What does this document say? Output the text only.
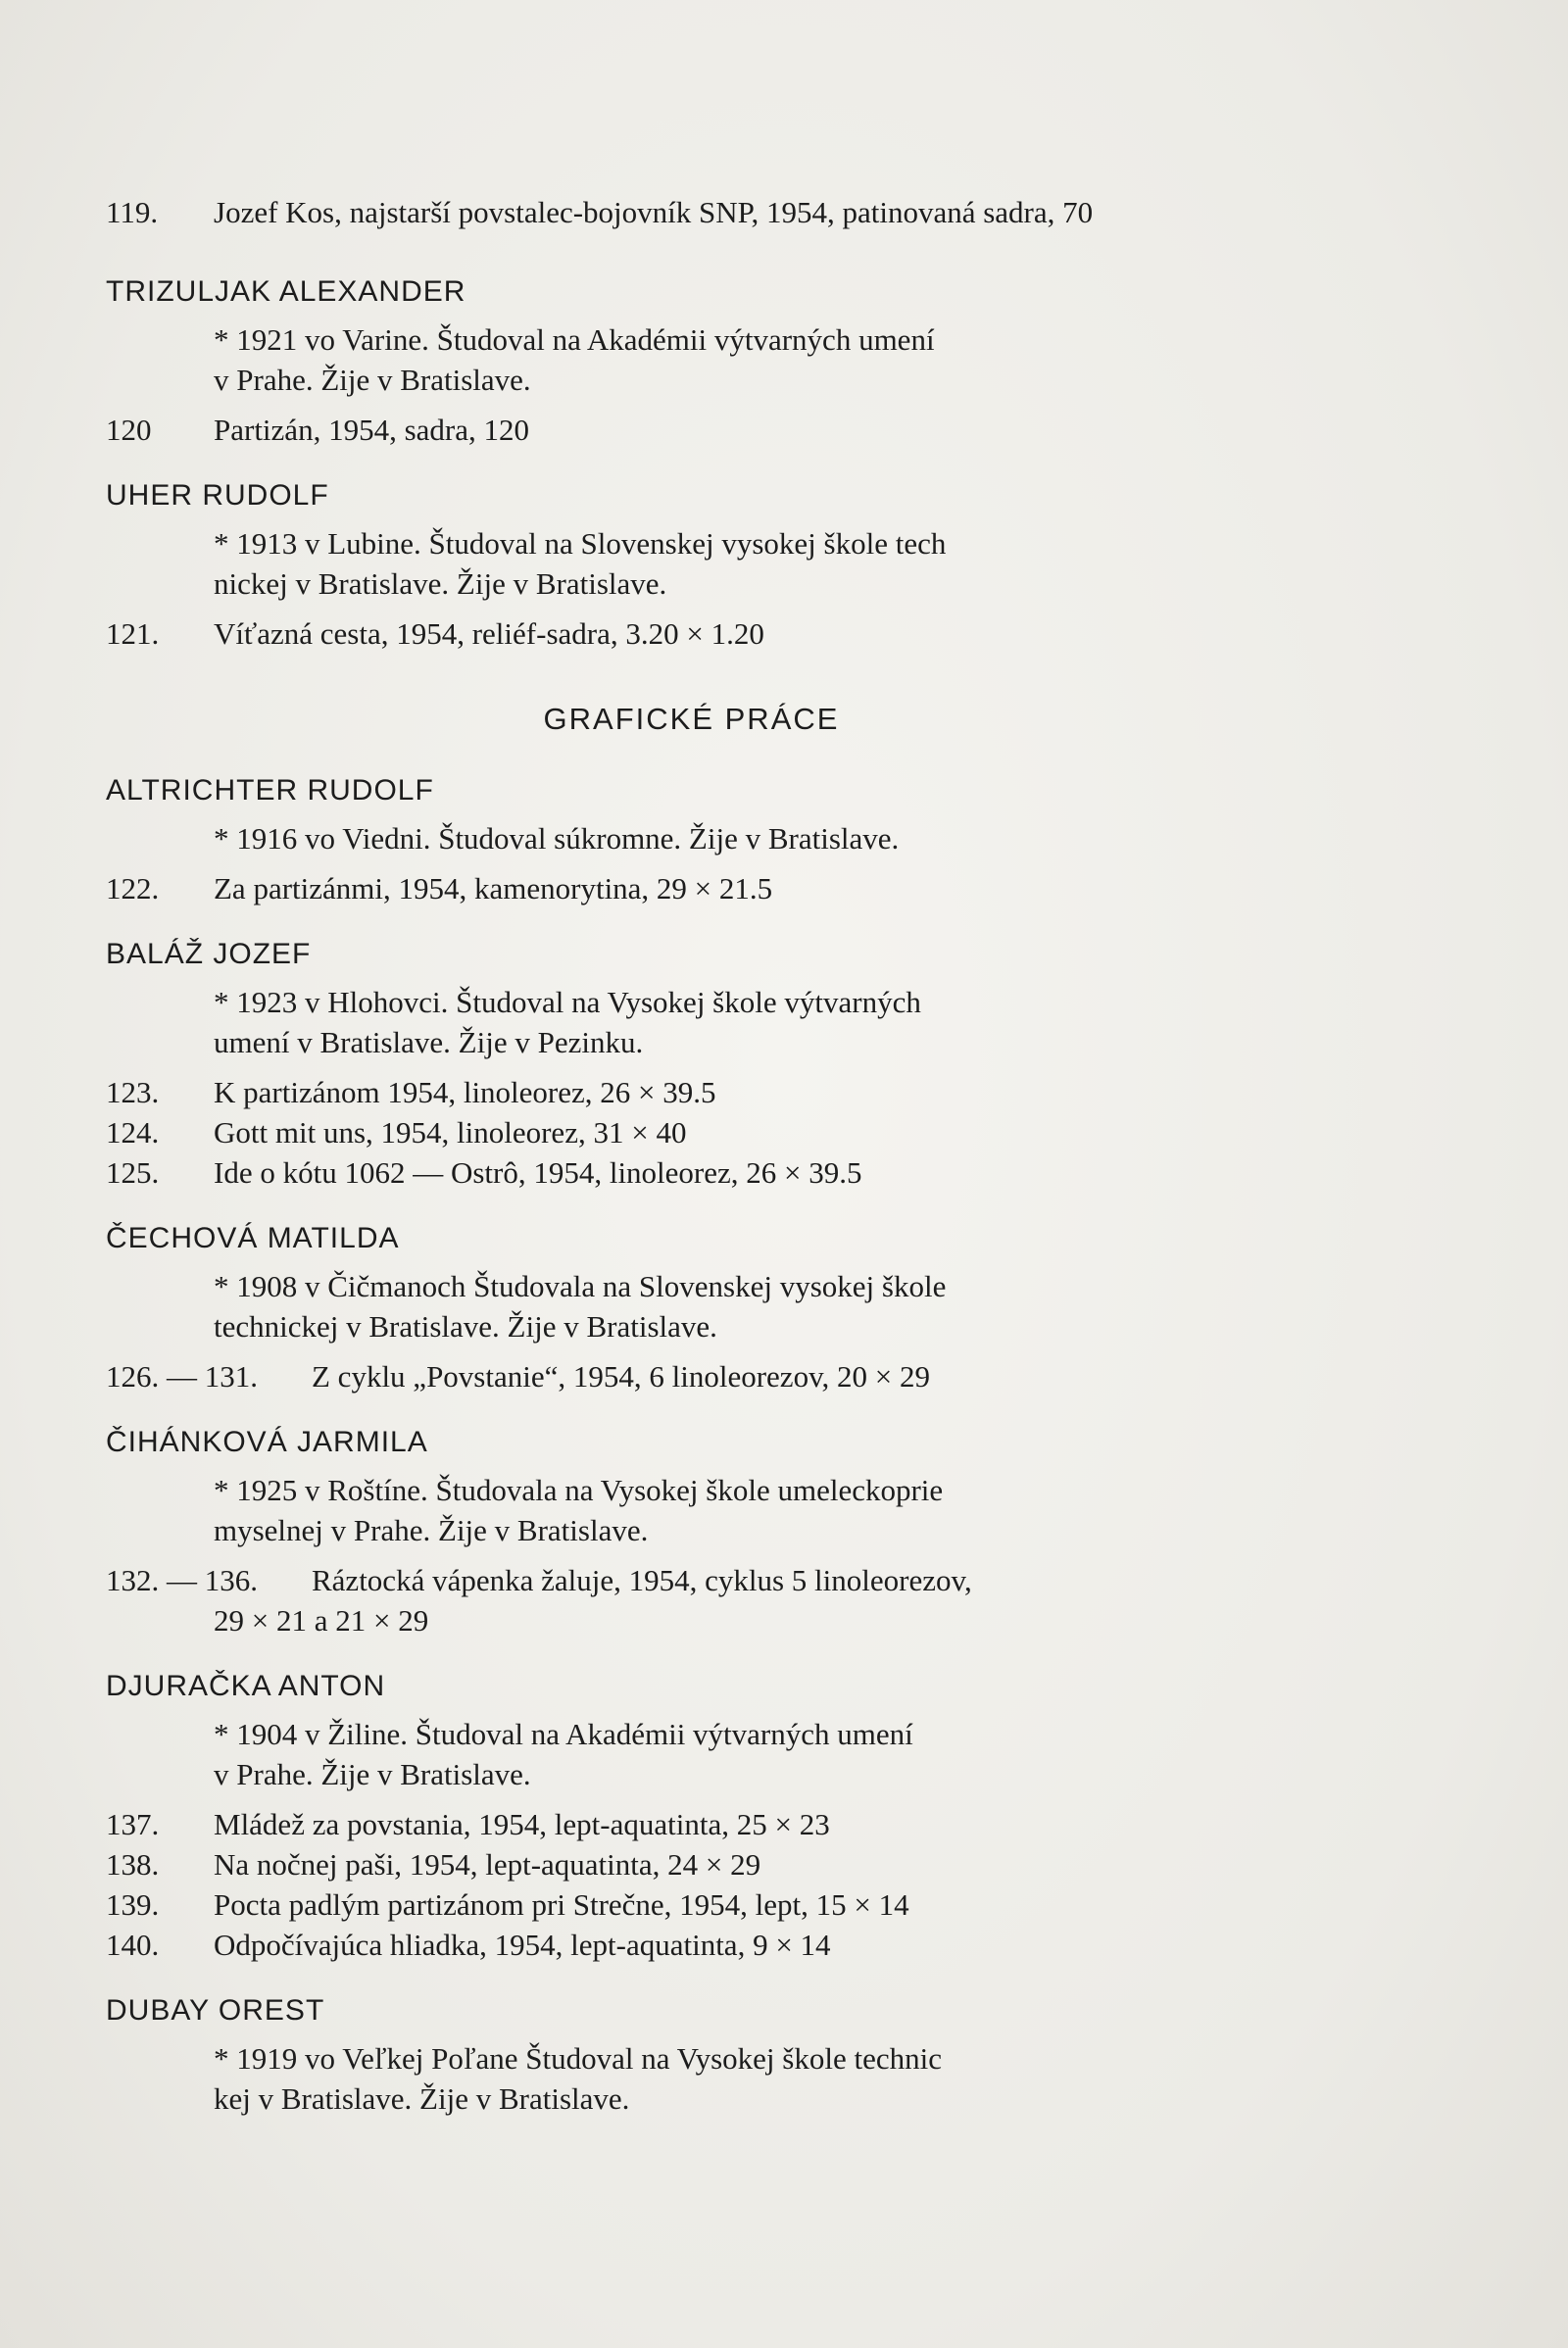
119.	Jozef Kos, najstarší povstalec-bojovník SNP, 1954, patinovaná sadra, 70
TRIZULJAK ALEXANDER
* 1921 vo Varine. Študoval na Akadémii výtvarných umení
v Prahe. Žije v Bratislave.
120	Partizán, 1954, sadra, 120
UHER RUDOLF
* 1913 v Lubine. Študoval na Slovenskej vysokej škole tech
nickej v Bratislave. Žije v Bratislave.
121.	Víťazná cesta, 1954, reliéf-sadra, 3.20 × 1.20
GRAFICKÉ PRÁCE
ALTRICHTER RUDOLF
* 1916 vo Viedni. Študoval súkromne. Žije v Bratislave.
122.	Za partizánmi, 1954, kamenorytina, 29 × 21.5
BALÁŽ JOZEF
* 1923 v Hlohovci. Študoval na Vysokej škole výtvarných
umení v Bratislave. Žije v Pezinku.
123.	K partizánom 1954, linoleorez, 26 × 39.5
124.	Gott mit uns, 1954, linoleorez, 31 × 40
125.	Ide o kótu 1062 — Ostrô, 1954, linoleorez, 26 × 39.5
ČECHOVÁ MATILDA
* 1908 v Čičmanoch Študovala na Slovenskej vysokej škole
technickej v Bratislave. Žije v Bratislave.
126. — 131.	Z cyklu „Povstanie“, 1954, 6 linoleorezov, 20 × 29
ČIHÁNKOVÁ JARMILA
* 1925 v Roštíne. Študovala na Vysokej škole umeleckoprie
myselnej v Prahe. Žije v Bratislave.
132. — 136.	Ráztocká vápenka žaluje, 1954, cyklus 5 linoleorezov,
29 × 21 a 21 × 29
DJURAČKA ANTON
* 1904 v Žiline. Študoval na Akadémii výtvarných umení
v Prahe. Žije v Bratislave.
137.	Mládež za povstania, 1954, lept-aquatinta, 25 × 23
138.	Na nočnej paši, 1954, lept-aquatinta, 24 × 29
139.	Pocta padlým partizánom pri Strečne, 1954, lept, 15 × 14
140.	Odpočívajúca hliadka, 1954, lept-aquatinta, 9 × 14
DUBAY OREST
* 1919 vo Veľkej Poľane Študoval na Vysokej škole technic
kej v Bratislave. Žije v Bratislave.
